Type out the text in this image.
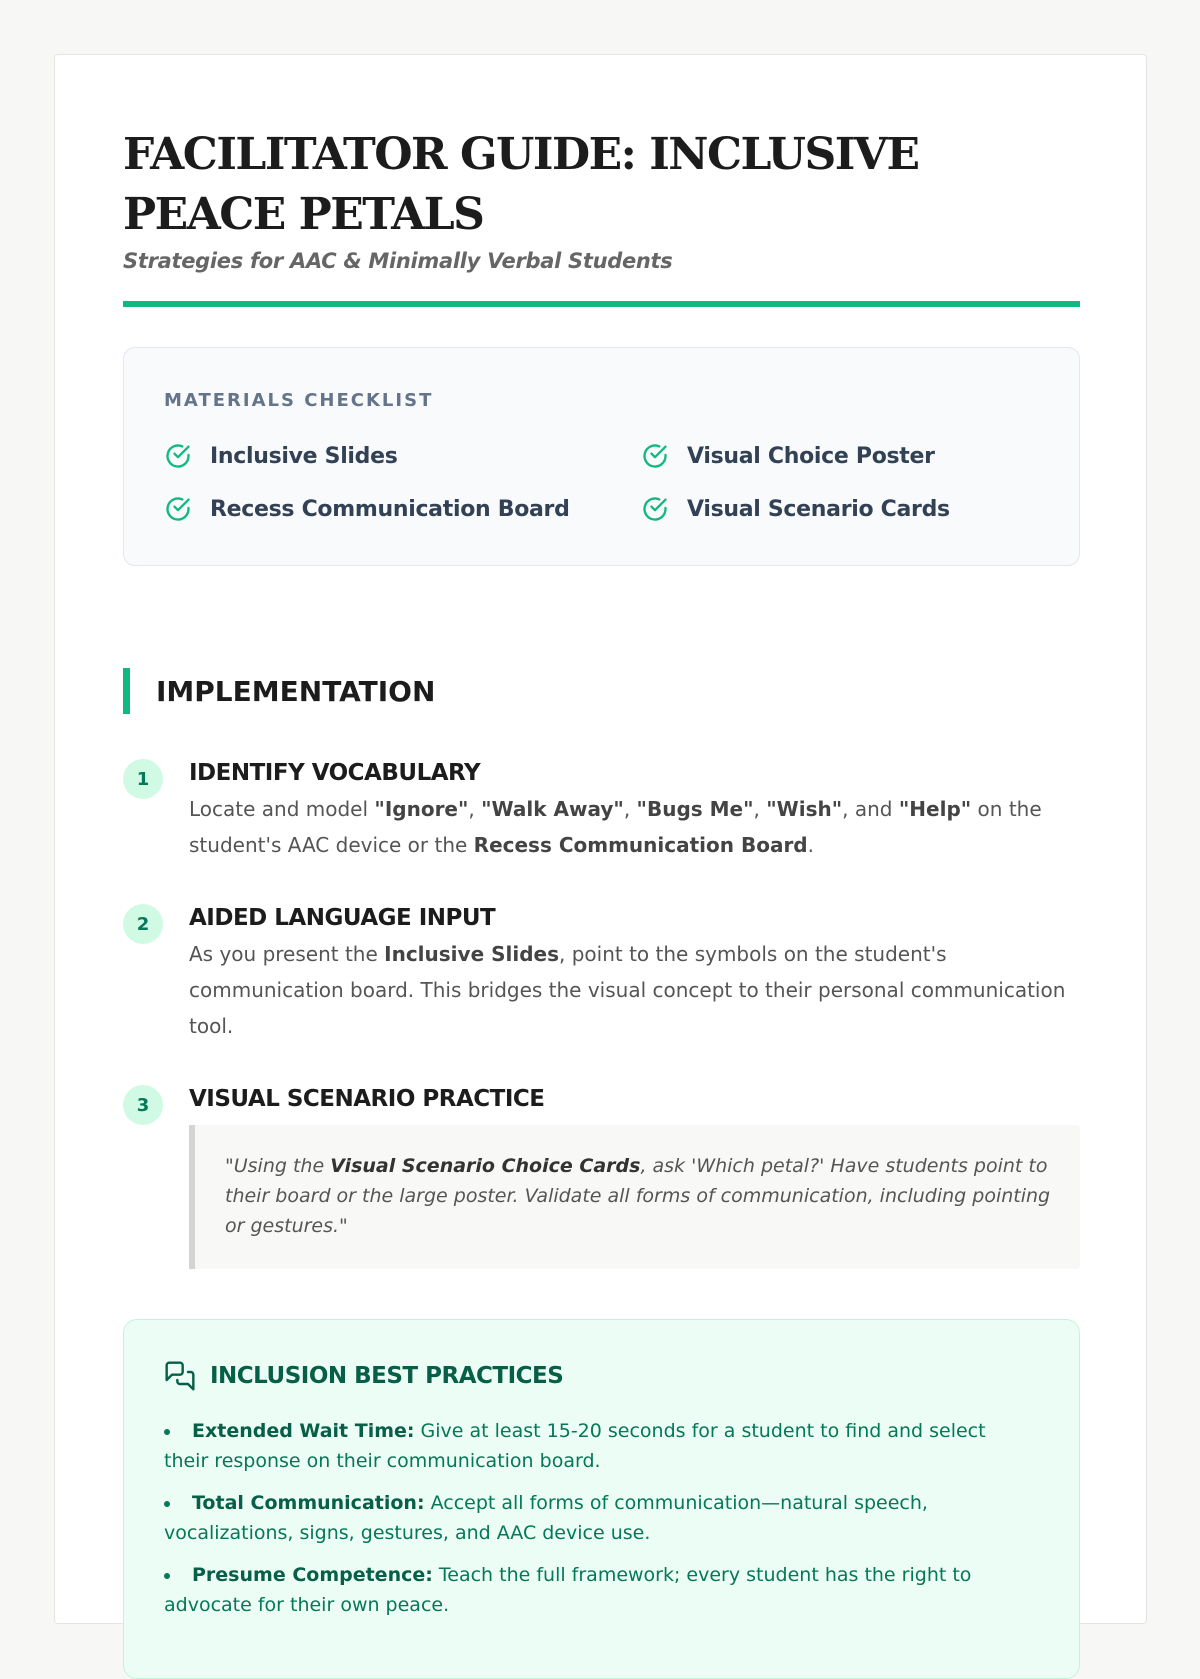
FACILITATOR GUIDE: INCLUSIVE PEACE PETALS
Strategies for AAC & Minimally Verbal Students
MATERIALS CHECKLIST
Inclusive Slides	Visual Choice Poster
Recess Communication Board	Visual Scenario Cards
IMPLEMENTATION
1	IDENTIFY VOCABULARY

Locate and model "Ignore", "Walk Away", "Bugs Me", "Wish", and "Help" on the student's AAC device or the Recess Communication Board.

2	AIDED LANGUAGE INPUT

As you present the Inclusive Slides, point to the symbols on the student's communication board. This bridges the visual concept to their personal communication tool.

3	VISUAL SCENARIO PRACTICE
"Using the Visual Scenario Choice Cards, ask 'Which petal?' Have students point to their board or the large poster. Validate all forms of communication, including pointing or gestures."
INCLUSION BEST PRACTICES
Extended Wait Time: Give at least 15-20 seconds for a student to find and select their response on their communication board.
Total Communication: Accept all forms of communication—natural speech, vocalizations, signs, gestures, and AAC device use.
Presume Competence: Teach the full framework; every student has the right to advocate for their own peace.
